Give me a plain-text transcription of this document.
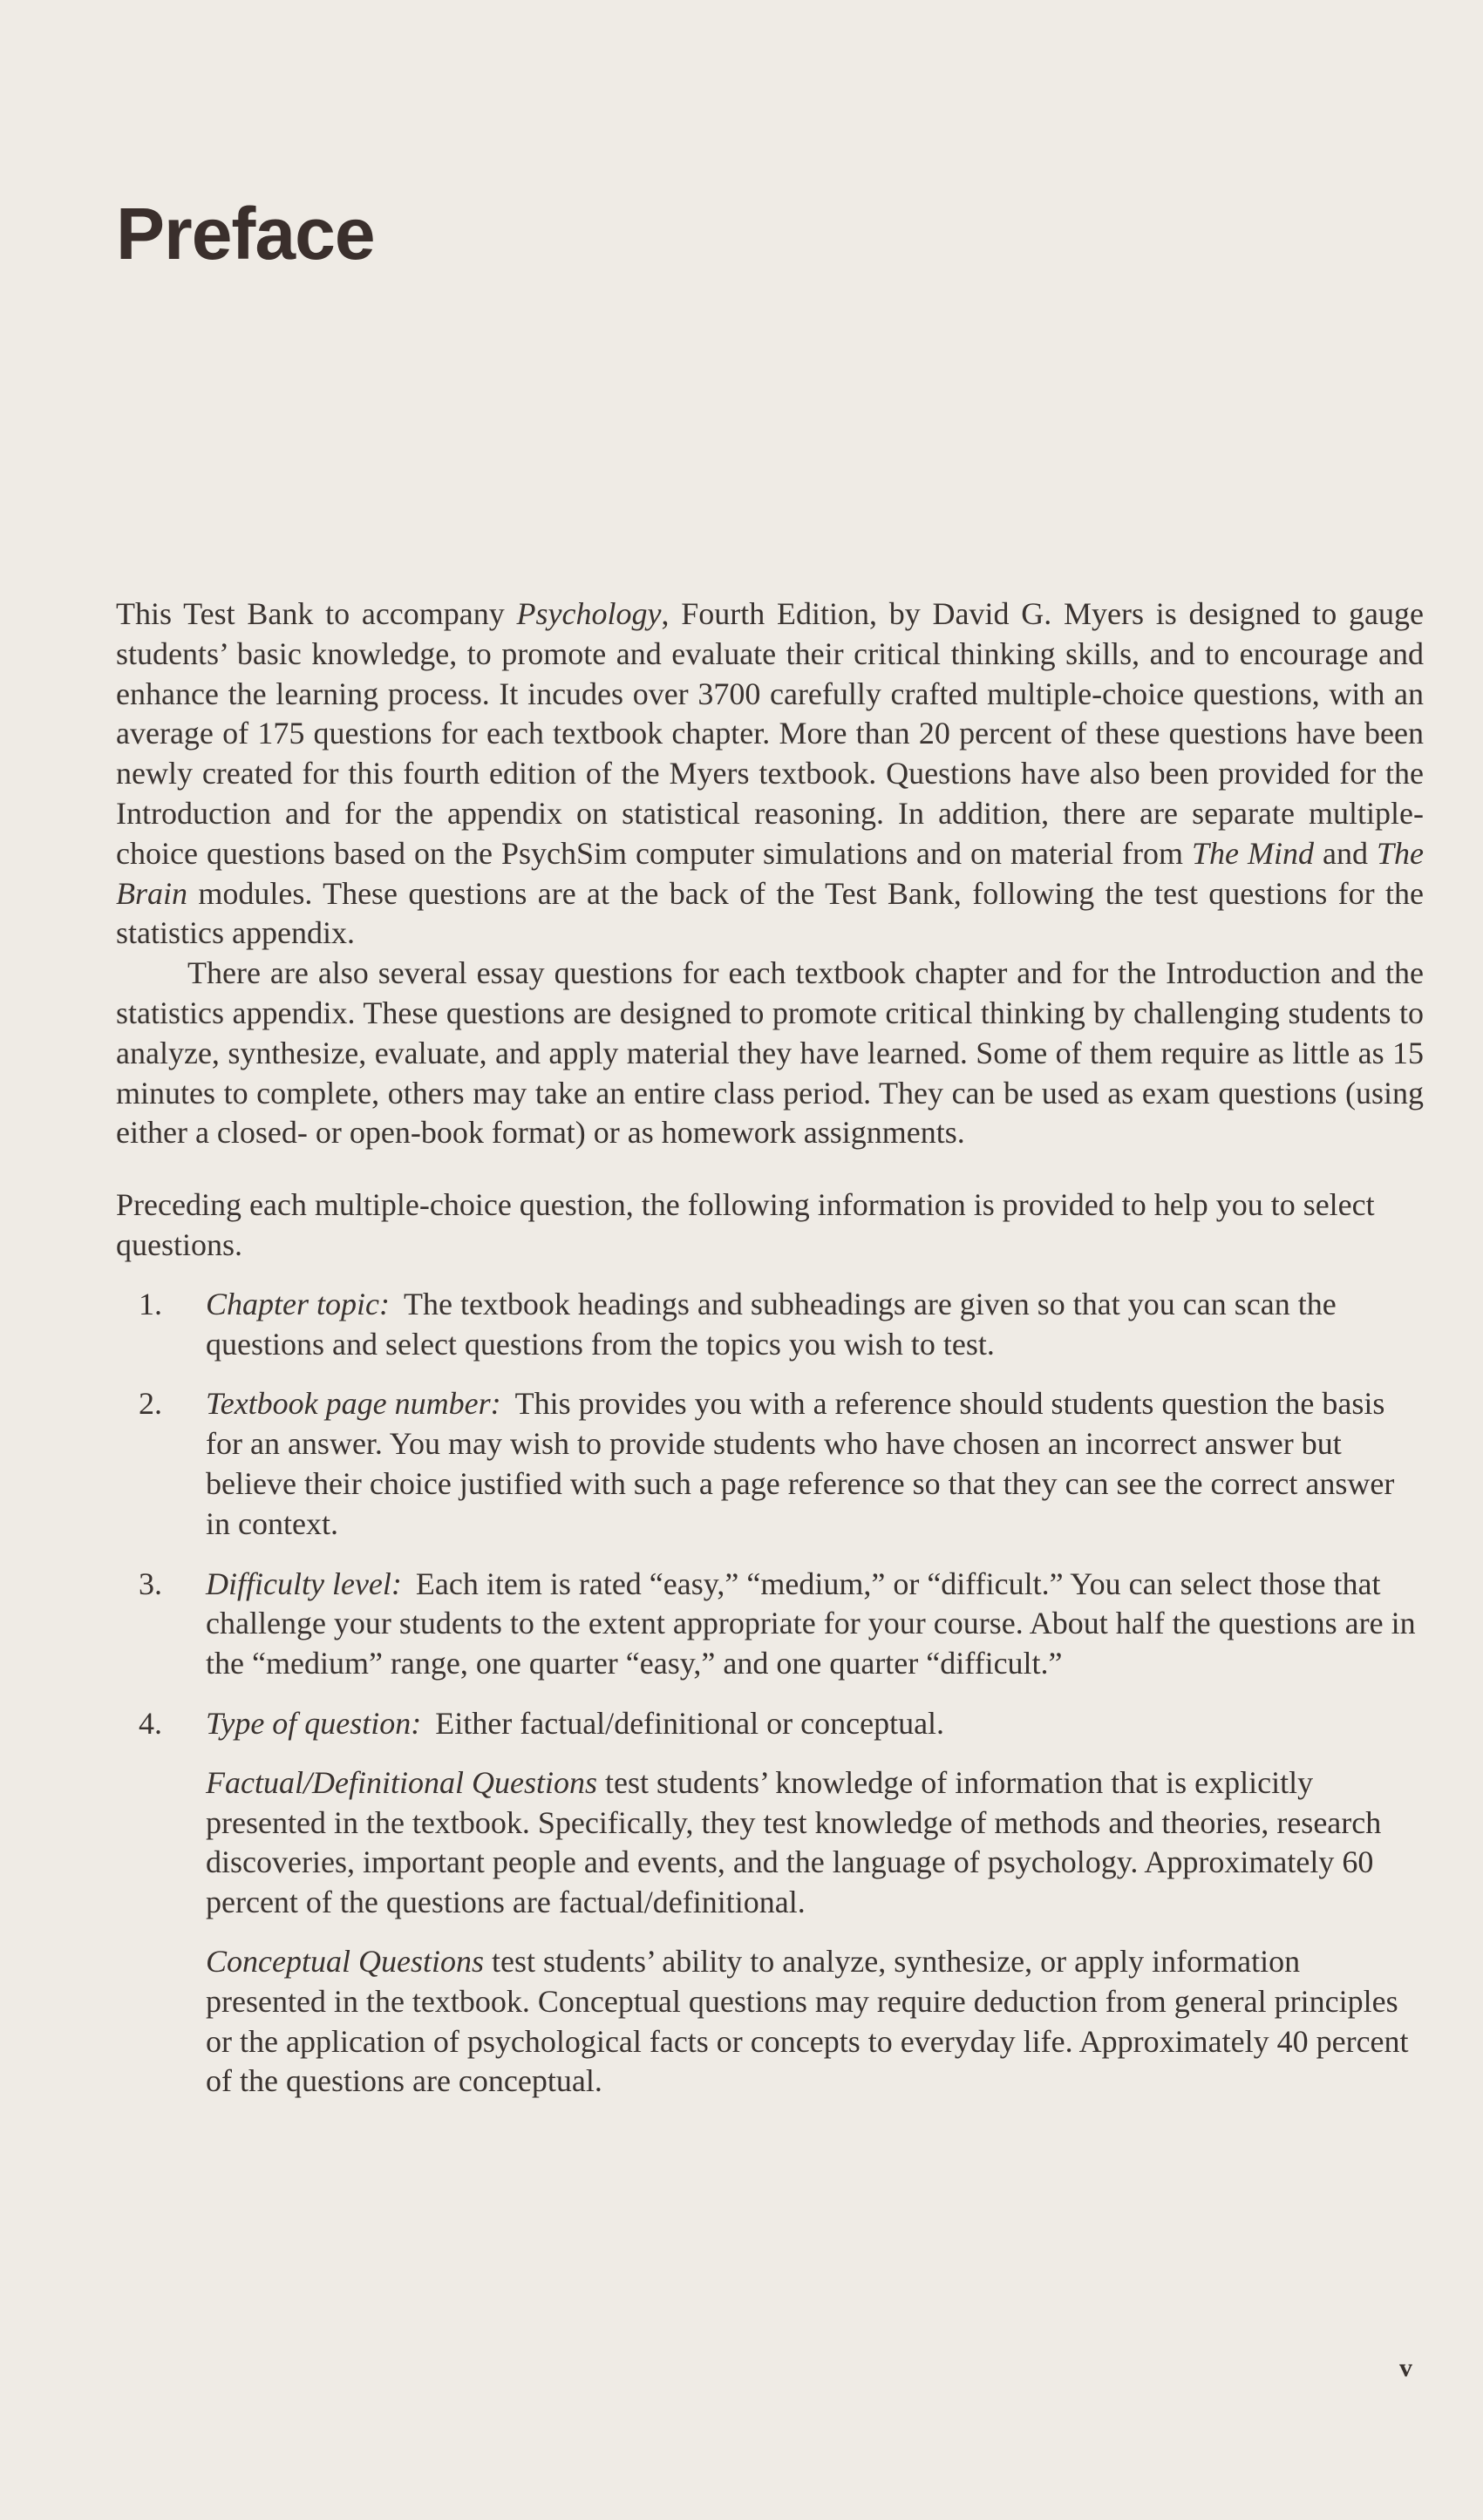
Preface

This Test Bank to accompany Psychology, Fourth Edition, by David G. Myers is designed to gauge students’ basic knowledge, to promote and evaluate their critical thinking skills, and to encourage and enhance the learning process. It incudes over 3700 carefully crafted multiple-choice questions, with an average of 175 questions for each textbook chapter. More than 20 percent of these questions have been newly created for this fourth edition of the Myers textbook. Questions have also been provided for the Introduction and for the appendix on statistical reasoning. In addition, there are separate multiple-choice questions based on the PsychSim computer simulations and on material from The Mind and The Brain modules. These questions are at the back of the Test Bank, following the test questions for the statistics appendix.

There are also several essay questions for each textbook chapter and for the Introduction and the statistics appendix. These questions are designed to promote critical thinking by challenging students to analyze, synthesize, evaluate, and apply material they have learned. Some of them require as little as 15 minutes to complete, others may take an entire class period. They can be used as exam questions (using either a closed- or open-book format) or as homework assignments.

Preceding each multiple-choice question, the following information is provided to help you to select questions.

1. Chapter topic: The textbook headings and subheadings are given so that you can scan the questions and select questions from the topics you wish to test.
2. Textbook page number: This provides you with a reference should students question the basis for an answer. You may wish to provide students who have chosen an incorrect answer but believe their choice justified with such a page reference so that they can see the correct answer in context.
3. Difficulty level: Each item is rated “easy,” “medium,” or “difficult.” You can select those that challenge your students to the extent appropriate for your course. About half the questions are in the “medium” range, one quarter “easy,” and one quarter “difficult.”
4. Type of question: Either factual/definitional or conceptual.

Factual/Definitional Questions test students’ knowledge of information that is explicitly presented in the textbook. Specifically, they test knowledge of methods and theories, research discoveries, important people and events, and the language of psychology. Approximately 60 percent of the questions are factual/definitional.

Conceptual Questions test students’ ability to analyze, synthesize, or apply information presented in the textbook. Conceptual questions may require deduction from general principles or the application of psychological facts or concepts to everyday life. Approximately 40 percent of the questions are conceptual.

v
